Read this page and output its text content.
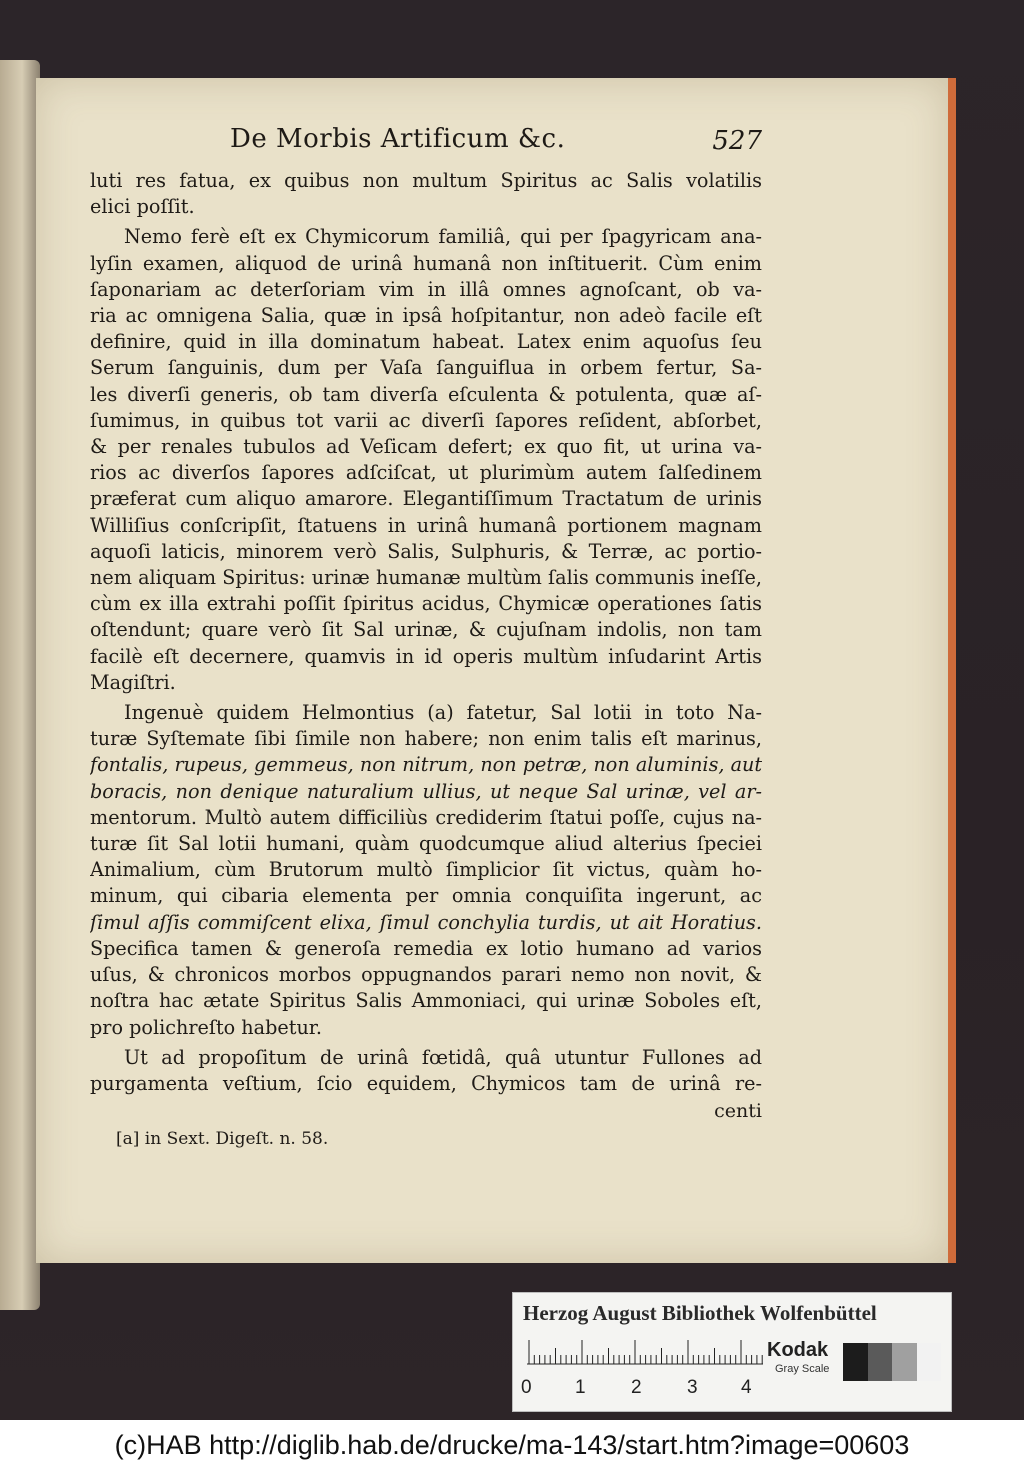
De Morbis Artificum &c.	527
luti res fatua, ex quibus non multum Spiritus ac Salis volatilis
elici poſſit.
Nemo ferè eſt ex Chymicorum familiâ, qui per ſpagyricam ana-
lyſin examen, aliquod de urinâ humanâ non inſtituerit. Cùm enim
ſaponariam ac deterſoriam vim in illâ omnes agnoſcant, ob va-
ria ac omnigena Salia, quæ in ipsâ hoſpitantur, non adeò facile eſt
definire, quid in illa dominatum habeat. Latex enim aquoſus ſeu
Serum ſanguinis, dum per Vaſa ſanguiflua in orbem fertur, Sa-
les diverſi generis, ob tam diverſa eſculenta & potulenta, quæ aſ-
ſumimus, in quibus tot varii ac diverſi ſapores reſident, abſorbet,
& per renales tubulos ad Veſicam defert; ex quo fit, ut urina va-
rios ac diverſos ſapores adſciſcat, ut plurimùm autem ſalſedinem
præferat cum aliquo amarore. Elegantiſſimum Tractatum de urinis
Williſius conſcripſit, ſtatuens in urinâ humanâ portionem magnam
aquoſi laticis, minorem verò Salis, Sulphuris, & Terræ, ac portio-
nem aliquam Spiritus: urinæ humanæ multùm ſalis communis ineſſe,
cùm ex illa extrahi poſſit ſpiritus acidus, Chymicæ operationes ſatis
oſtendunt; quare verò ſit Sal urinæ, & cujuſnam indolis, non tam
facilè eſt decernere, quamvis in id operis multùm inſudarint Artis
Magiſtri.
Ingenuè quidem Helmontius (a) fatetur, Sal lotii in toto Na-
turæ Syſtemate ſibi ſimile non habere; non enim talis eſt marinus,
fontalis, rupeus, gemmeus, non nitrum, non petræ, non aluminis, aut
boracis, non denique naturalium ullius, ut neque Sal urinæ, vel ar-
mentorum. Multò autem difficiliùs crediderim ſtatui poſſe, cujus na-
turæ ſit Sal lotii humani, quàm quodcumque aliud alterius ſpeciei
Animalium, cùm Brutorum multò ſimplicior ſit victus, quàm ho-
minum, qui cibaria elementa per omnia conquiſita ingerunt, ac
ſimul aſſis commiſcent elixa, ſimul conchylia turdis, ut ait Horatius.
Specifica tamen & generoſa remedia ex lotio humano ad varios
uſus, & chronicos morbos oppugnandos parari nemo non novit, &
noſtra hac ætate Spiritus Salis Ammoniaci, qui urinæ Soboles eſt,
pro polichreſto habetur.
Ut ad propoſitum de urinâ fœtidâ, quâ utuntur Fullones ad
purgamenta veſtium, ſcio equidem, Chymicos tam de urinâ re-
centi
[a] in Sext. Digeſt. n. 58.
Herzog August Bibliothek Wolfenbüttel
0 1 2 3 4
Kodak
Gray Scale
(c)HAB http://diglib.hab.de/drucke/ma-143/start.htm?image=00603
